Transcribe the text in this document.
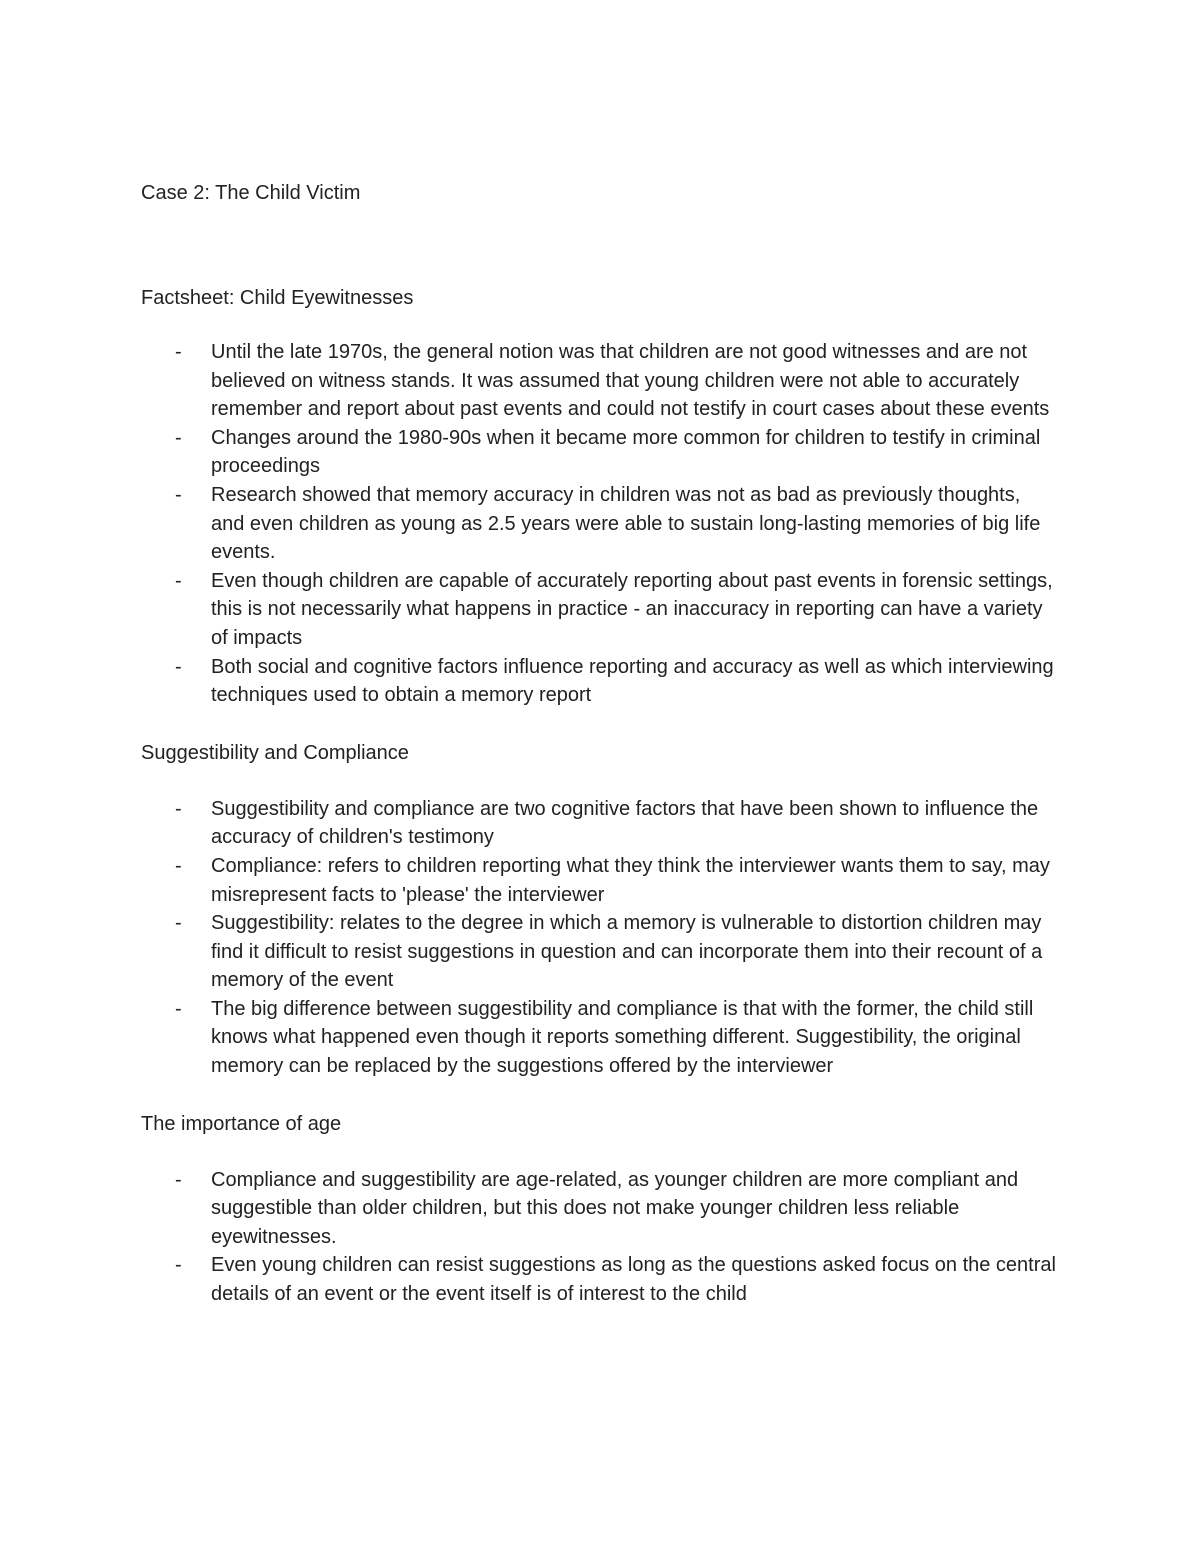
Case 2: The Child Victim
Factsheet: Child Eyewitnesses
- Until the late 1970s, the general notion was that children are not good witnesses and are not believed on witness stands. It was assumed that young children were not able to accurately remember and report about past events and could not testify in court cases about these events
- Changes around the 1980-90s when it became more common for children to testify in criminal proceedings
- Research showed that memory accuracy in children was not as bad as previously thoughts, and even children as young as 2.5 years were able to sustain long-lasting memories of big life events.
- Even though children are capable of accurately reporting about past events in forensic settings, this is not necessarily what happens in practice - an inaccuracy in reporting can have a variety of impacts
- Both social and cognitive factors influence reporting and accuracy as well as which interviewing techniques used to obtain a memory report
Suggestibility and Compliance
- Suggestibility and compliance are two cognitive factors that have been shown to influence the accuracy of children's testimony
- Compliance: refers to children reporting what they think the interviewer wants them to say, may misrepresent facts to 'please' the interviewer
- Suggestibility: relates to the degree in which a memory is vulnerable to distortion children may find it difficult to resist suggestions in question and can incorporate them into their recount of a memory of the event
- The big difference between suggestibility and compliance is that with the former, the child still knows what happened even though it reports something different. Suggestibility, the original memory can be replaced by the suggestions offered by the interviewer
The importance of age
- Compliance and suggestibility are age-related, as younger children are more compliant and suggestible than older children, but this does not make younger children less reliable eyewitnesses.
- Even young children can resist suggestions as long as the questions asked focus on the central details of an event or the event itself is of interest to the child
